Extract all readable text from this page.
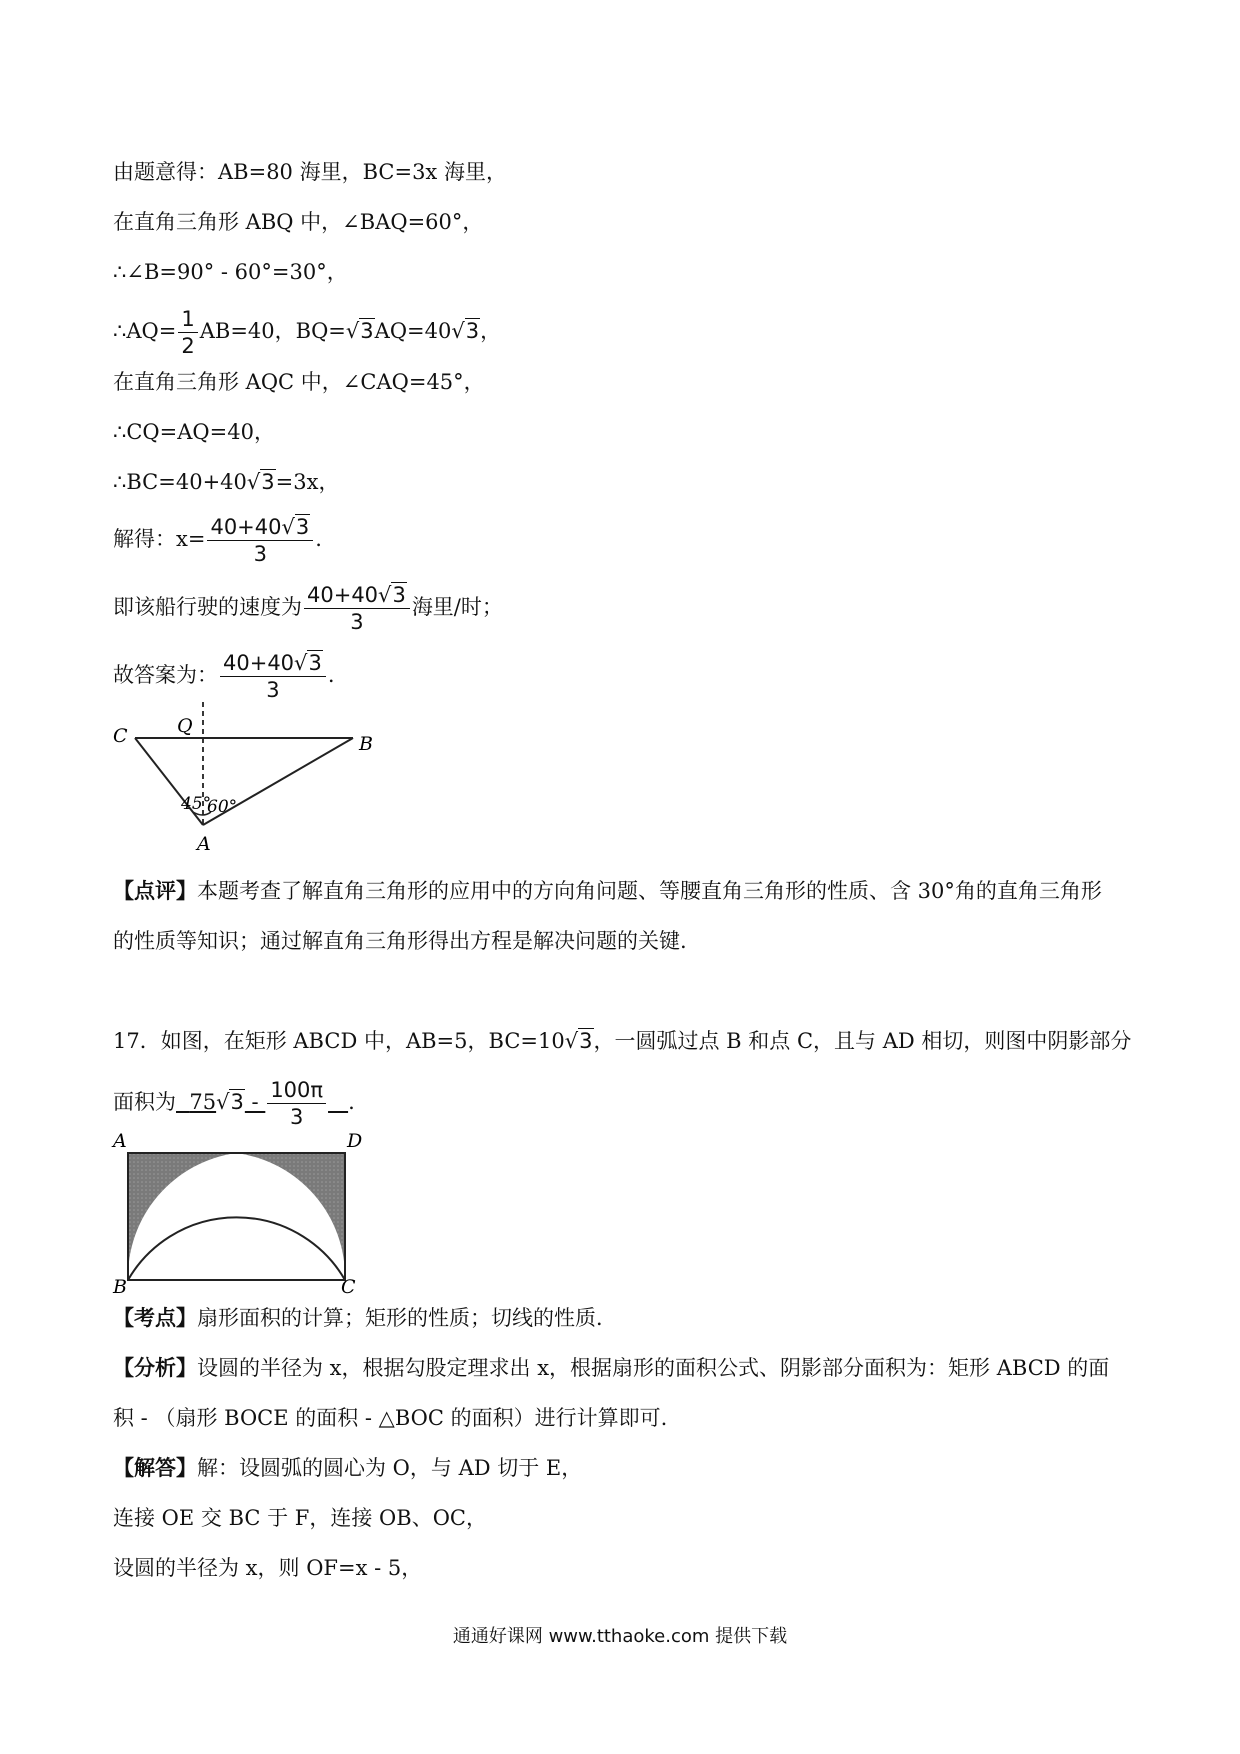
由题意得：AB=80 海里，BC=3x 海里，
在直角三角形 ABQ 中，∠BAQ=60°，
∴∠B=90° - 60°=30°，
∴AQ= $\frac{1}{2} AB=40$，BQ=√3AQ=40√3，
在直角三角形 AQC 中，∠CAQ=45°，
∴CQ=AQ=40，
∴BC=40+40√3=3x，
解得：$x= \frac{40+40√3}{3}$ .
即该船行驶的速度为 $\frac{40+40√3}{3}$ 海里/时；
故答案为： $\frac{40+40√3}{3}$ .
C	Q
B
A
45°
60°
【点评】本题考查了解直角三角形的应用中的方向角问题、等腰直角三角形的性质、含 30°角的直角三角形
的性质等知识；通过解直角三角形得出方程是解决问题的关键.
17．如图，在矩形 ABCD 中，AB=5，BC=10√3，一圆弧过点 B 和点 C，且与 AD 相切，则图中阴影部分
面积为 $75√3 - \frac{100\pi}{3}$ .
A	D
B	C
【考点】扇形面积的计算；矩形的性质；切线的性质．
【分析】设圆的半径为 x，根据勾股定理求出 x，根据扇形的面积公式、阴影部分面积为：矩形 ABCD 的面
积 - （扇形 BOCE 的面积 - △BOC 的面积）进行计算即可.
【解答】解：设圆弧的圆心为 O，与 AD 切于 E，
连接 OE 交 BC 于 F，连接 OB、OC，
设圆的半径为 x，则 OF=x - 5，
通通好课网 www.tthaoke.com 提供下载
